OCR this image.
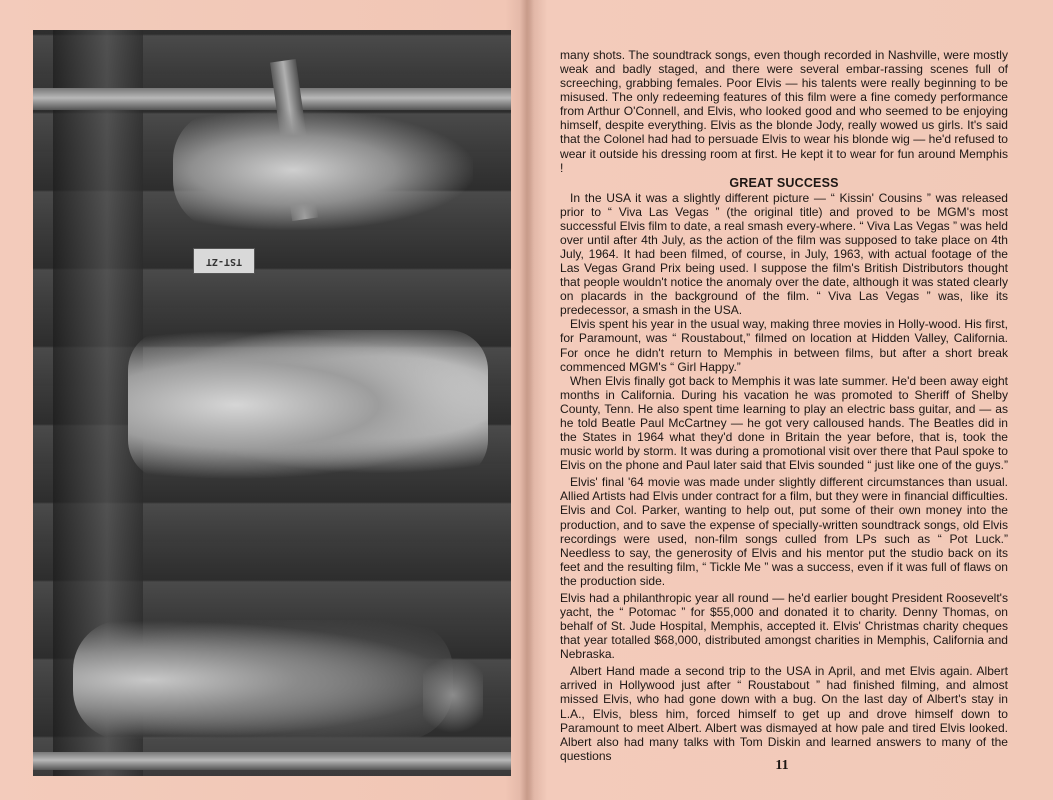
TST-ZT

many shots. The soundtrack songs, even though recorded in Nashville, were mostly weak and badly staged, and there were several embar-rassing scenes full of screeching, grabbing females. Poor Elvis — his talents were really beginning to be misused. The only redeeming features of this film were a fine comedy performance from Arthur O'Connell, and Elvis, who looked good and who seemed to be enjoying himself, despite everything. Elvis as the blonde Jody, really wowed us girls. It's said that the Colonel had had to persuade Elvis to wear his blonde wig — he'd refused to wear it outside his dressing room at first. He kept it to wear for fun around Memphis !

GREAT SUCCESS

In the USA it was a slightly different picture — “ Kissin' Cousins ” was released prior to “ Viva Las Vegas ” (the original title) and proved to be MGM's most successful Elvis film to date, a real smash every-where. “ Viva Las Vegas ” was held over until after 4th July, as the action of the film was supposed to take place on 4th July, 1964. It had been filmed, of course, in July, 1963, with actual footage of the Las Vegas Grand Prix being used. I suppose the film's British Distributors thought that people wouldn't notice the anomaly over the date, although it was stated clearly on placards in the background of the film. “ Viva Las Vegas ” was, like its predecessor, a smash in the USA.

Elvis spent his year in the usual way, making three movies in Holly-wood. His first, for Paramount, was “ Roustabout,” filmed on location at Hidden Valley, California. For once he didn't return to Memphis in between films, but after a short break commenced MGM's “ Girl Happy.”

When Elvis finally got back to Memphis it was late summer. He'd been away eight months in California. During his vacation he was promoted to Sheriff of Shelby County, Tenn. He also spent time learning to play an electric bass guitar, and — as he told Beatle Paul McCartney — he got very calloused hands. The Beatles did in the States in 1964 what they'd done in Britain the year before, that is, took the music world by storm. It was during a promotional visit over there that Paul spoke to Elvis on the phone and Paul later said that Elvis sounded “ just like one of the guys.”

Elvis' final '64 movie was made under slightly different circumstances than usual. Allied Artists had Elvis under contract for a film, but they were in financial difficulties. Elvis and Col. Parker, wanting to help out, put some of their own money into the production, and to save the expense of specially-written soundtrack songs, old Elvis recordings were used, non-film songs culled from LPs such as “ Pot Luck.” Needless to say, the generosity of Elvis and his mentor put the studio back on its feet and the resulting film, “ Tickle Me ” was a success, even if it was full of flaws on the production side.

Elvis had a philanthropic year all round — he'd earlier bought President Roosevelt's yacht, the “ Potomac ” for $55,000 and donated it to charity. Denny Thomas, on behalf of St. Jude Hospital, Memphis, accepted it. Elvis' Christmas charity cheques that year totalled $68,000, distributed amongst charities in Memphis, California and Nebraska.

Albert Hand made a second trip to the USA in April, and met Elvis again. Albert arrived in Hollywood just after “ Roustabout ” had finished filming, and almost missed Elvis, who had gone down with a bug. On the last day of Albert's stay in L.A., Elvis, bless him, forced himself to get up and drove himself down to Paramount to meet Albert. Albert was dismayed at how pale and tired Elvis looked. Albert also had many talks with Tom Diskin and learned answers to many of the questions

11
